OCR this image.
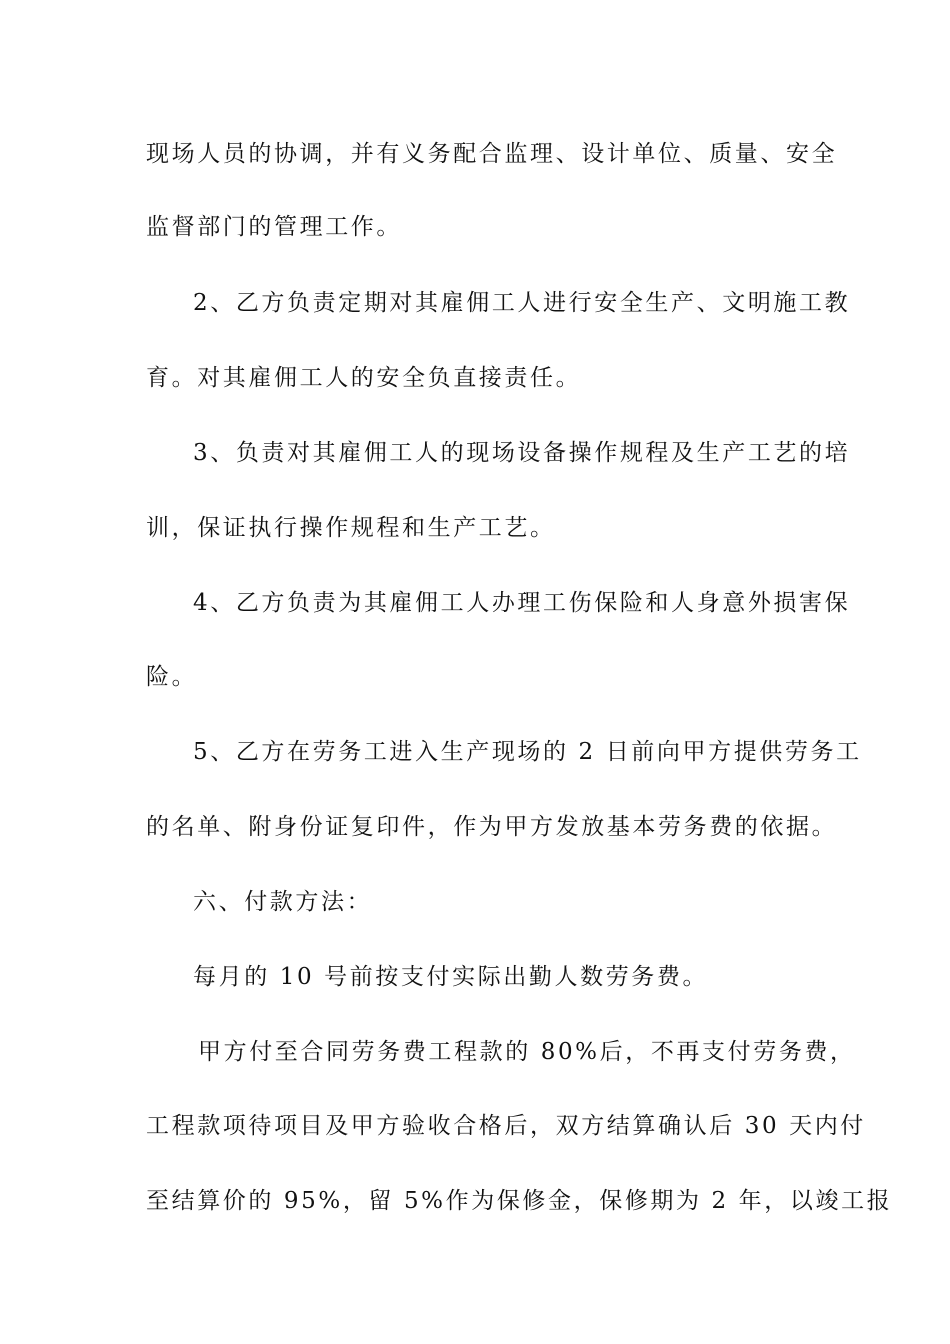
现场人员的协调，并有义务配合监理、设计单位、质量、安全
监督部门的管理工作。
2、乙方负责定期对其雇佣工人进行安全生产、文明施工教
育。对其雇佣工人的安全负直接责任。
3、负责对其雇佣工人的现场设备操作规程及生产工艺的培
训，保证执行操作规程和生产工艺。
4、乙方负责为其雇佣工人办理工伤保险和人身意外损害保
险。
5、乙方在劳务工进入生产现场的 2 日前向甲方提供劳务工
的名单、附身份证复印件，作为甲方发放基本劳务费的依据。
六、付款方法：
每月的 10 号前按支付实际出勤人数劳务费。
甲方付至合同劳务费工程款的 80%后，不再支付劳务费，
工程款项待项目及甲方验收合格后，双方结算确认后 30 天内付
至结算价的 95%，留 5%作为保修金，保修期为 2 年，以竣工报
